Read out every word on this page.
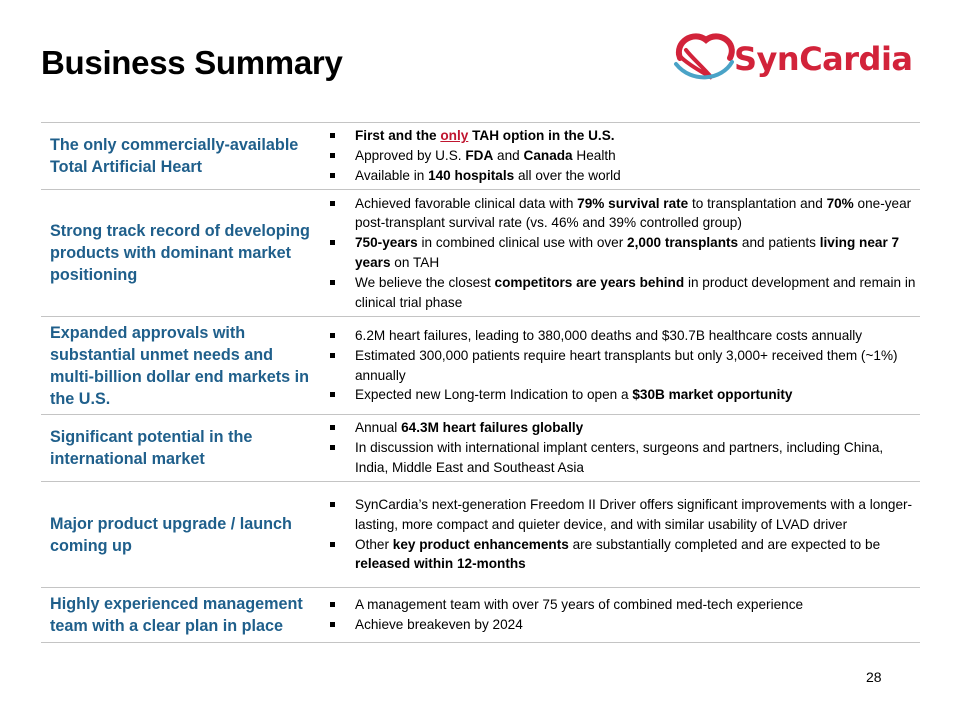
Business Summary	SynCardia
The only commercially-available Total Artificial Heart
First and the only TAH option in the U.S.
Approved by U.S. FDA and Canada Health
Available in 140 hospitals all over the world
Strong track record of developing products with dominant market positioning
Achieved favorable clinical data with 79% survival rate to transplantation and 70% one-year post-transplant survival rate (vs. 46% and 39% controlled group)
750-years in combined clinical use with over 2,000 transplants and patients living near 7 years on TAH
We believe the closest competitors are years behind in product development and remain in clinical trial phase
Expanded approvals with substantial unmet needs and multi-billion dollar end markets in the U.S.
6.2M heart failures, leading to 380,000 deaths and $30.7B healthcare costs annually
Estimated 300,000 patients require heart transplants but only 3,000+ received them (~1%) annually
Expected new Long-term Indication to open a $30B market opportunity
Significant potential in the international market
Annual 64.3M heart failures globally
In discussion with international implant centers, surgeons and partners, including China, India, Middle East and Southeast Asia
Major product upgrade / launch coming up
SynCardia’s next-generation Freedom II Driver offers significant improvements with a longer-lasting, more compact and quieter device, and with similar usability of LVAD driver
Other key product enhancements are substantially completed and are expected to be released within 12-months
Highly experienced management team with a clear plan in place
A management team with over 75 years of combined med-tech experience
Achieve breakeven by 2024
28
